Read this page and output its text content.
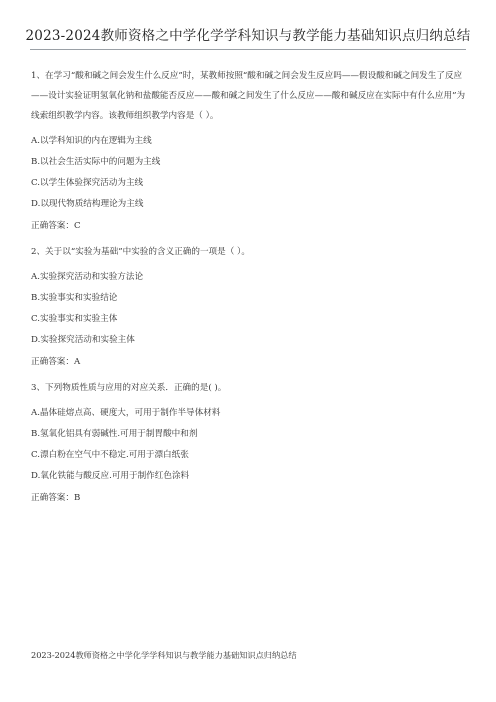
2023-2024教师资格之中学化学学科知识与教学能力基础知识点归纳总结

1、在学习“酸和碱之间会发生什么反应”时，某教师按照“酸和碱之间会发生反应吗——假设酸和碱之间发生了反应——设计实验证明氢氧化钠和盐酸能否反应——酸和碱之间发生了什么反应——酸和碱反应在实际中有什么应用”为线索组织教学内容。该教师组织教学内容是（ ）。

A.以学科知识的内在逻辑为主线
B.以社会生活实际中的问题为主线
C.以学生体验探究活动为主线
D.以现代物质结构理论为主线
正确答案：C

2、关于以“实验为基础”中实验的含义正确的一项是（ ）。

A.实验探究活动和实验方法论
B.实验事实和实验结论
C.实验事实和实验主体
D.实验探究活动和实验主体
正确答案：A

3、下列物质性质与应用的对应关系．正确的是( )。

A.晶体硅熔点高、硬度大，可用于制作半导体材料
B.氢氧化铝具有弱碱性.可用于制胃酸中和剂
C.漂白粉在空气中不稳定.可用于漂白纸张
D.氧化铁能与酸反应.可用于制作红色涂料
正确答案：B
2023-2024教师资格之中学化学学科知识与教学能力基础知识点归纳总结
